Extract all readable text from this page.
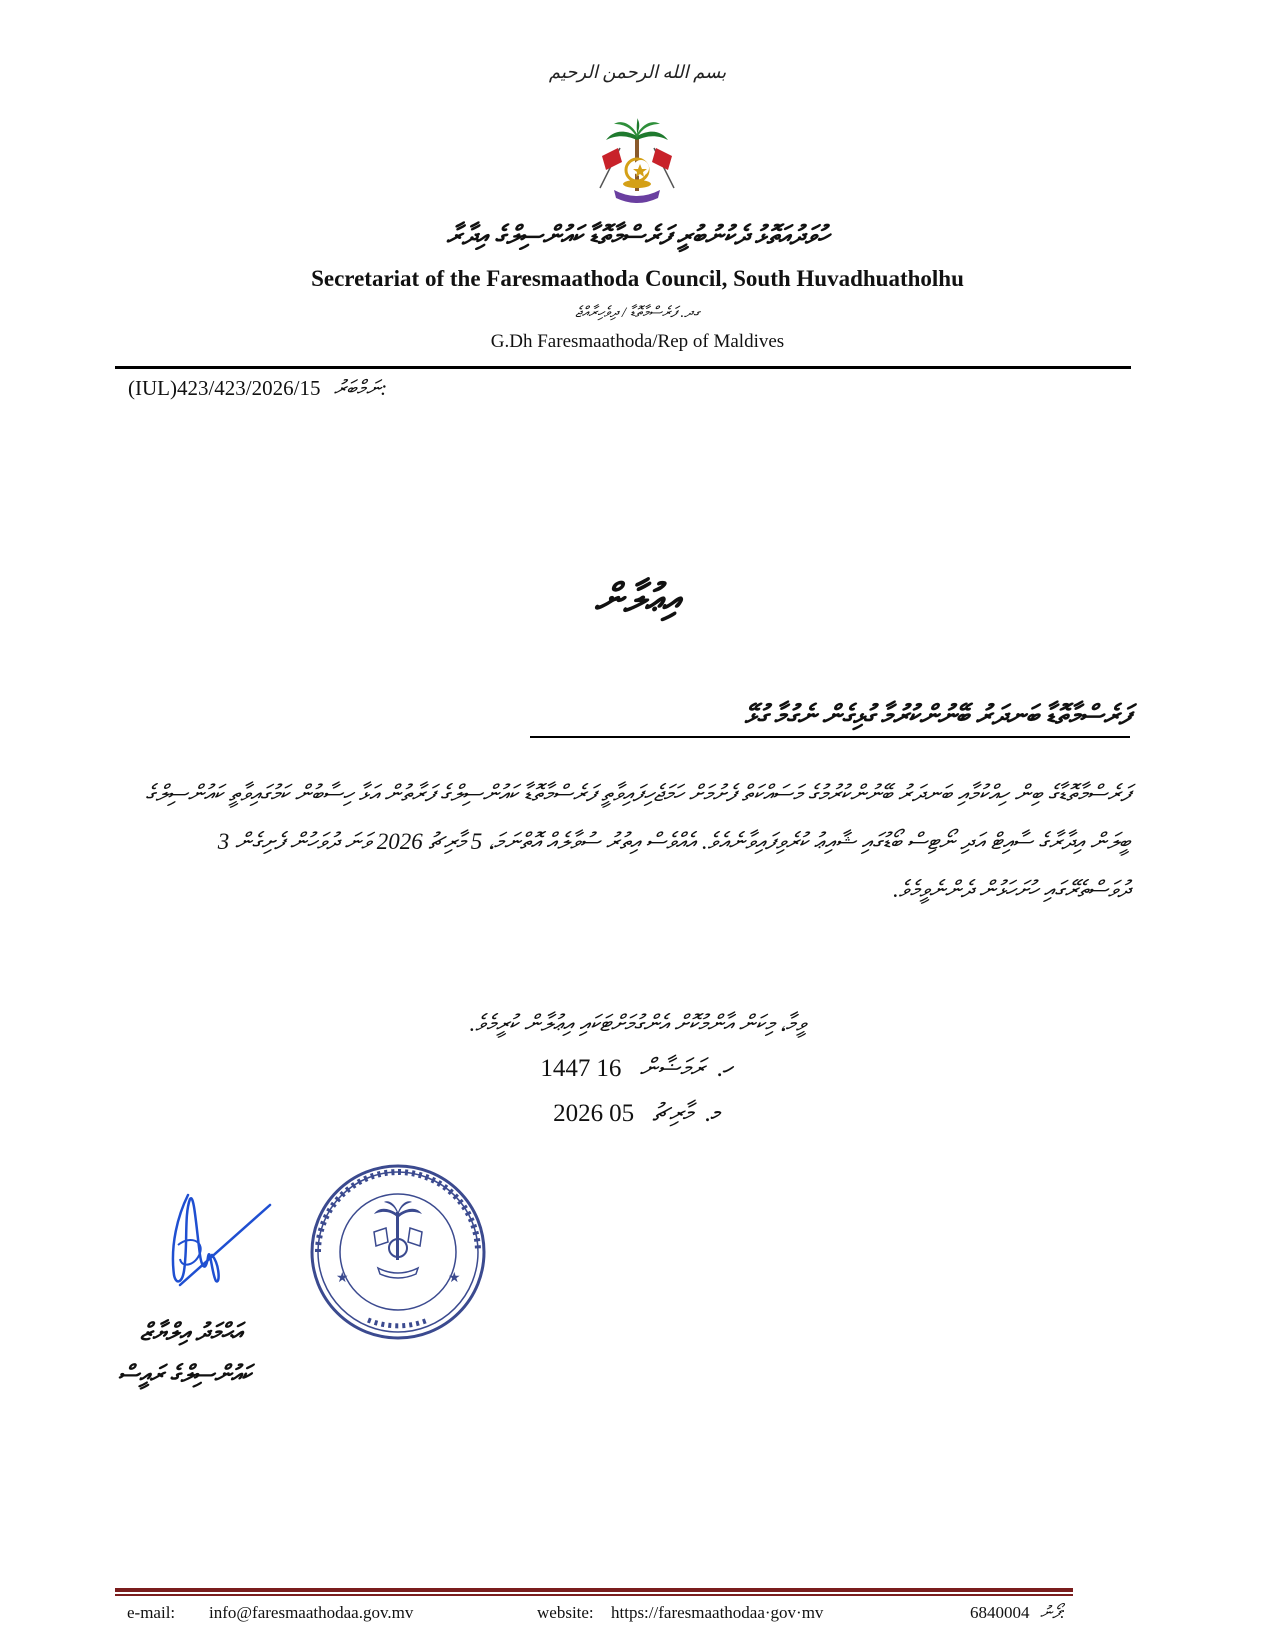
بسم الله الرحمن الرحيم
ހުވަދުއަތޮޅު ދެކުނުބުރީ ފަރެސްމާތޮޑާ ކައުންސިލްގެ އިދާރާ
Secretariat of the Faresmaathoda Council, South Huvadhuatholhu
ގދ. ފަރެސްމާތޮޑާ / ދިވެހިރާއްޖެ
G.Dh Faresmaathoda/Rep of Maldives
(IUL)423/423/2026/15 ނަމްބަރު:
އިޢުލާން
ފަރެސްމާތޮޑާ ބަނދަރު ބޭނުންކުރުމާ ގުޅިގެން ނެގުމާ ގުޅޭ
ފަރެސްމާތޮޑާގެ ބިން ހިއްކުމާއި ބަނދަރު ބޭނުންކުރުމުގެ މަސައްކަތް ފެށުމަށް ހަމަޖެހިފައިވާތީ ފަރެސްމާތޮޑާ ކައުންސިލްގެ ފަރާތުން އަޅާ ހިސާބުން ކަމުގައިވާތީ ކައުންސިލްގެ ބީލަން އިދާރާގެ ސާއިޓް އަދި ނޯޓިސް ބޯޑުގައި ޝާއިޢު ކުރެވިފައިވާނެއެވެ. އެއްވެސް އިތުރު ސުވާލެއް އޮތްނަމަ، 5 މާރިޗު 2026 ވަނަ ދުވަހުން ފެށިގެން 3 ދުވަސްތެރޭގައި ހުށަހަޅުން ދެންނެވީމެވެ.
ވީމާ، މިކަން އާންމުކޮށް އެންގުމަށްޓަކައި އިޢުލާން ކުރީމެވެ.
1447ހ. ރަމަޟާން 16
2026މ. މާރިޗު 05
★	★
އަޙްމަދު އިލްޔާޒް
ކައުންސިލްގެ ރައީސް
e-mail: info@faresmaathodaa.gov.mv	website: https://faresmaathodaa·gov·mv	6840004 ފޯނު:
